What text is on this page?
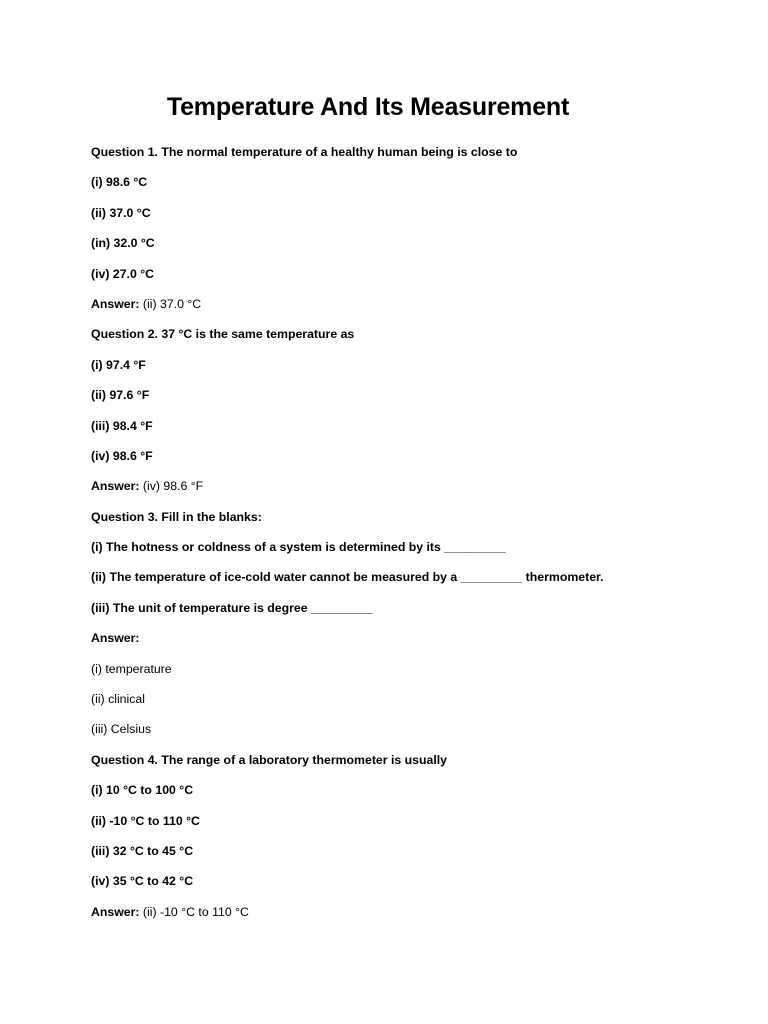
Temperature And Its Measurement
Question 1. The normal temperature of a healthy human being is close to
(i) 98.6 °C
(ii) 37.0 °C
(in) 32.0 °C
(iv) 27.0 °C
Answer: (ii) 37.0 °C
Question 2. 37 °C is the same temperature as
(i) 97.4 °F
(ii) 97.6 °F
(iii) 98.4 °F
(iv) 98.6 °F
Answer: (iv) 98.6 °F
Question 3. Fill in the blanks:
(i) The hotness or coldness of a system is determined by its _________
(ii) The temperature of ice-cold water cannot be measured by a _________ thermometer.
(iii) The unit of temperature is degree _________
Answer:
(i) temperature
(ii) clinical
(iii) Celsius
Question 4. The range of a laboratory thermometer is usually
(i) 10 °C to 100 °C
(ii) -10 °C to 110 °C
(iii) 32 °C to 45 °C
(iv) 35 °C to 42 °C
Answer: (ii) -10 °C to 110 °C
